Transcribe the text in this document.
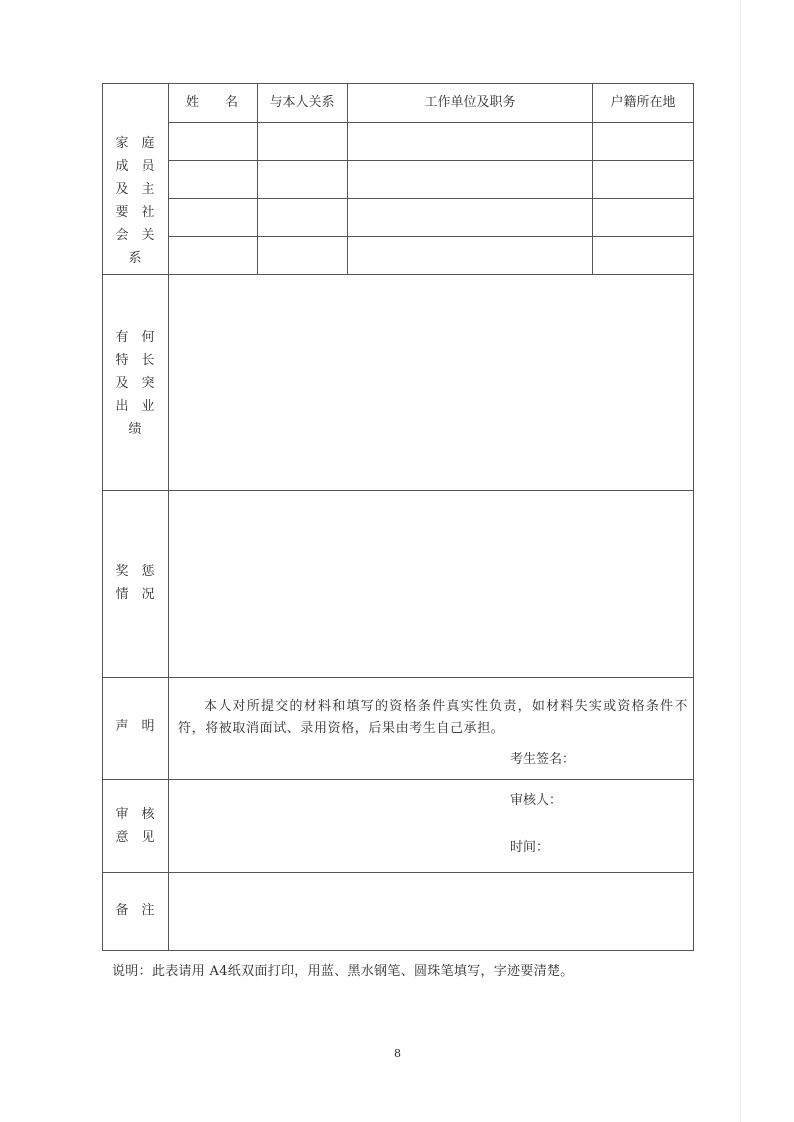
姓　　名 与本人关系	工作单位及职务	户籍所在地
家 庭
成 员
及 主
要 社
会 关
系
有 何
特 长
及 突
出 业
绩
奖 惩
情 况
声 明
本人对所提交的材料和填写的资格条件真实性负责，如材料失实或资格条件不符，将被取消面试、录用资格，后果由考生自己承担。
考生签名：
审 核
意 见
审核人：
时间：
备 注
说明：此表请用 A4纸双面打印，用蓝、黑水钢笔、圆珠笔填写，字迹要清楚。
8
